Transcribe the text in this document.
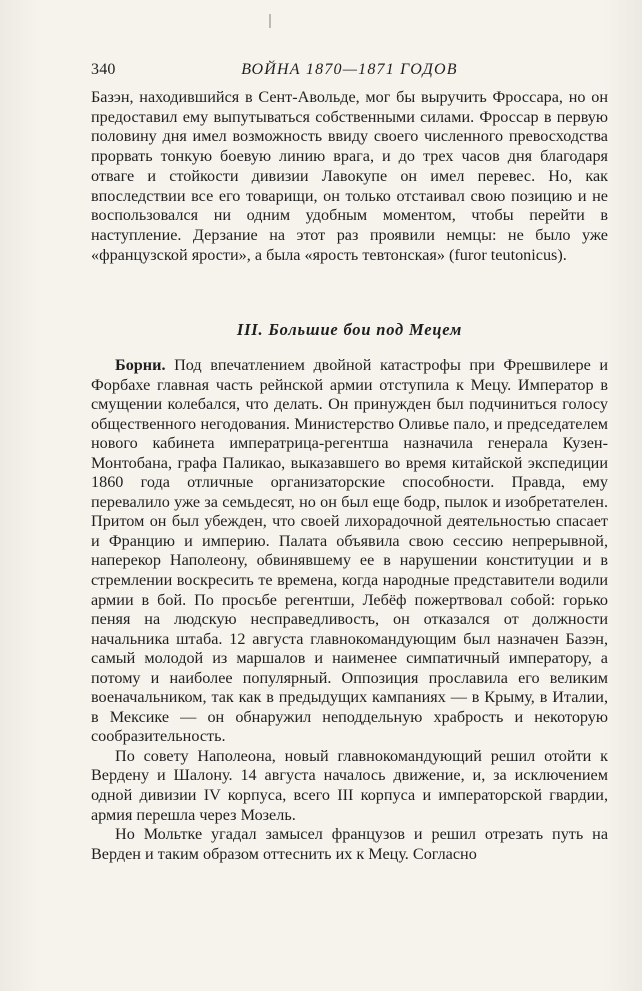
340	ВОЙНА 1870—1871 ГОДОВ

Базэн, находившийся в Сент-Авольде, мог бы выручить Фроссара, но он предоставил ему выпутываться собственными силами. Фроссар в первую половину дня имел возможность ввиду своего численного превосходства прорвать тонкую боевую линию врага, и до трех часов дня благодаря отваге и стойкости дивизии Лавокупе он имел перевес. Но, как впоследствии все его товарищи, он только отстаивал свою позицию и не воспользовался ни одним удобным моментом, чтобы перейти в наступление. Дерзание на этот раз проявили немцы: не было уже «французской ярости», а была «ярость тевтонская» (furor teutonicus).

III. Большие бои под Мецем

Борни. Под впечатлением двойной катастрофы при Фрешвилере и Форбахе главная часть рейнской армии отступила к Мецу. Император в смущении колебался, что делать. Он принужден был подчиниться голосу общественного негодования. Министерство Оливье пало, и председателем нового кабинета императрица-регентша назначила генерала Кузен-Монтобана, графа Паликао, выказавшего во время китайской экспедиции 1860 года отличные организаторские способности. Правда, ему перевалило уже за семьдесят, но он был еще бодр, пылок и изобретателен. Притом он был убежден, что своей лихорадочной деятельностью спасает и Францию и империю. Палата объявила свою сессию непрерывной, наперекор Наполеону, обвинявшему ее в нарушении конституции и в стремлении воскресить те времена, когда народные представители водили армии в бой. По просьбе регентши, Лебёф пожертвовал собой: горько пеняя на людскую несправедливость, он отказался от должности начальника штаба. 12 августа главнокомандующим был назначен Базэн, самый молодой из маршалов и наименее симпатичный императору, а потому и наиболее популярный. Оппозиция прославила его великим военачальником, так как в предыдущих кампаниях — в Крыму, в Италии, в Мексике — он обнаружил неподдельную храбрость и некоторую сообразительность.

По совету Наполеона, новый главнокомандующий решил отойти к Вердену и Шалону. 14 августа началось движение, и, за исключением одной дивизии IV корпуса, всего III корпуса и императорской гвардии, армия перешла через Мозель.

Но Мольтке угадал замысел французов и решил отрезать путь на Верден и таким образом оттеснить их к Мецу. Согласно
